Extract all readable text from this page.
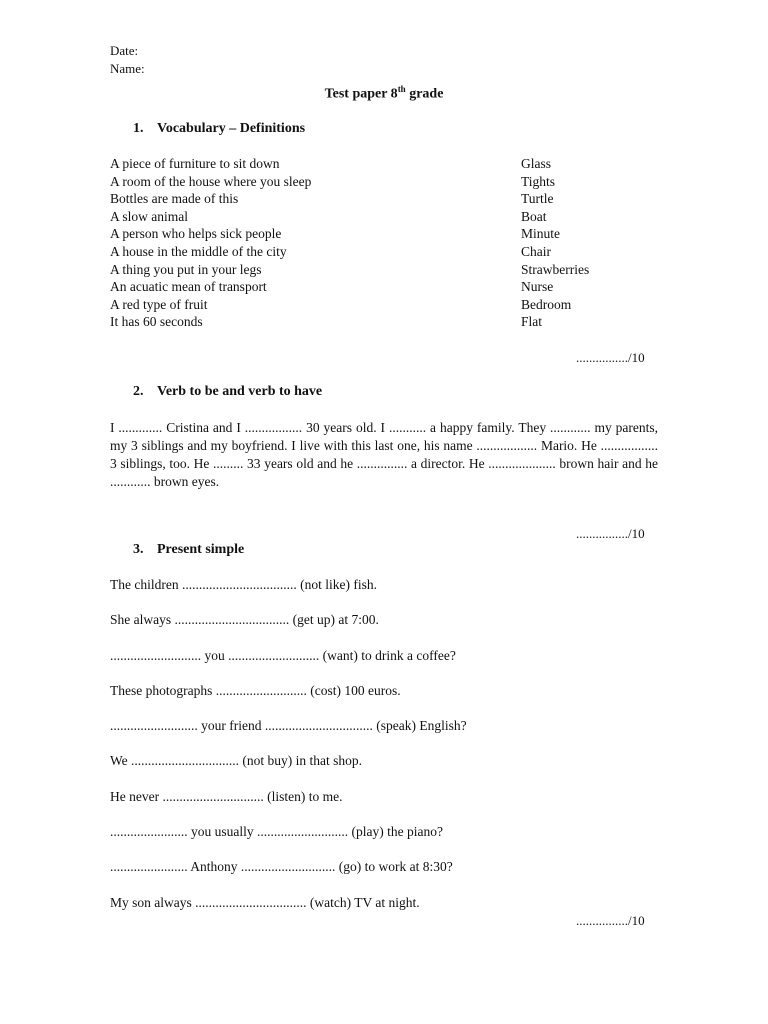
Date:
Name:
Test paper 8th grade
1. Vocabulary – Definitions
A piece of furniture to sit down	Glass
A room of the house where you sleep	Tights
Bottles are made of this	Turtle
A slow animal	Boat
A person who helps sick people	Minute
A house in the middle of the city	Chair
A thing you put in your legs	Strawberries
An acuatic mean of transport	Nurse
A red type of fruit	Bedroom
It has 60 seconds	Flat
................/10
2. Verb to be and verb to have
I ............. Cristina and I ................. 30 years old. I ........... a happy family. They ............ my parents, my 3 siblings and my boyfriend. I live with this last one, his name .................. Mario. He ................. 3 siblings, too. He ......... 33 years old and he ............... a director. He .................... brown hair and he ............ brown eyes.
................/10
3. Present simple
The children .................................. (not like) fish.
She always .................................. (get up) at 7:00.
........................... you ........................... (want) to drink a coffee?
These photographs ........................... (cost) 100 euros.
.......................... your friend ................................ (speak) English?
We ................................ (not buy) in that shop.
He never .............................. (listen) to me.
....................... you usually ........................... (play) the piano?
....................... Anthony ............................ (go) to work at 8:30?
My son always ................................. (watch) TV at night.
................/10
